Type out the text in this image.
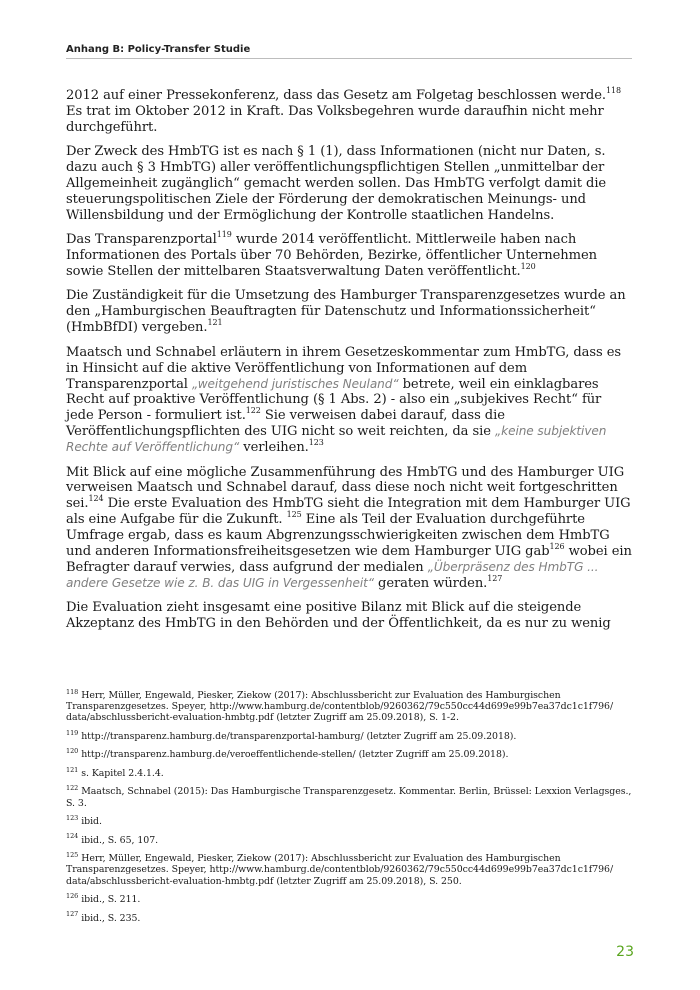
Anhang B: Policy-Transfer Studie

2012 auf einer Pressekonferenz, dass das Gesetz am Folgetag beschlossen werde.$^{118}$ Es trat im Oktober 2012 in Kraft. Das Volksbegehren wurde daraufhin nicht mehr durchgeführt.

Der Zweck des HmbTG ist es nach § 1 (1), dass Informationen (nicht nur Daten, s. dazu auch § 3 HmbTG) aller veröffentlichungspflichtigen Stellen „unmittelbar der Allgemeinheit zugänglich“ gemacht werden sollen. Das HmbTG verfolgt damit die steuerungspolitischen Ziele der Förderung der demokratischen Meinungs- und Willensbildung und der Ermöglichung der Kontrolle staatlichen Handelns.

Das Transparenzportal$^{119}$ wurde 2014 veröffentlicht. Mittlerweile haben nach Informationen des Portals über 70 Behörden, Bezirke, öffentlicher Unternehmen sowie Stellen der mittelbaren Staatsverwaltung Daten veröffentlicht.$^{120}$

Die Zuständigkeit für die Umsetzung des Hamburger Transparenzgesetzes wurde an den „Hamburgischen Beauftragten für Datenschutz und Informationssicherheit“ (HmbBfDI) vergeben.$^{121}$

Maatsch und Schnabel erläutern in ihrem Gesetzeskommentar zum HmbTG, dass es in Hinsicht auf die aktive Veröffentlichung von Informationen auf dem Transparenzportal „weitgehend juristisches Neuland“ betrete, weil ein einklagbares Recht auf proaktive Veröffentlichung (§ 1 Abs. 2) - also ein „subjekives Recht“ für jede Person - formuliert ist.$^{122}$ Sie verweisen dabei darauf, dass die Veröffentlichungspflichten des UIG nicht so weit reichten, da sie „keine subjektiven Rechte auf Veröffentlichung“ verleihen.$^{123}$

Mit Blick auf eine mögliche Zusammenführung des HmbTG und des Hamburger UIG verweisen Maatsch und Schnabel darauf, dass diese noch nicht weit fortgeschritten sei.$^{124}$ Die erste Evaluation des HmbTG sieht die Integration mit dem Hamburger UIG als eine Aufgabe für die Zukunft. $^{125}$ Eine als Teil der Evaluation durchgeführte Umfrage ergab, dass es kaum Abgrenzungsschwierigkeiten zwischen dem HmbTG und anderen Informationsfreiheitsgesetzen wie dem Hamburger UIG gab$^{126}$ wobei ein Befragter darauf verwies, dass aufgrund der medialen „Überpräsenz des HmbTG ... andere Gesetze wie z. B. das UIG in Vergessenheit“ geraten würden.$^{127}$

Die Evaluation zieht insgesamt eine positive Bilanz mit Blick auf die steigende Akzeptanz des HmbTG in den Behörden und der Öffentlichkeit, da es nur zu wenig

$^{118}$ Herr, Müller, Engewald, Piesker, Ziekow (2017): Abschlussbericht zur Evaluation des Hamburgischen Transparenzgesetzes. Speyer, http://www.hamburg.de/contentblob/9260362/79c550cc44d699e99b7ea37dc1c1f796/ data/abschlussbericht-evaluation-hmbtg.pdf (letzter Zugriff am 25.09.2018), S. 1-2.
$^{119}$ http://transparenz.hamburg.de/transparenzportal-hamburg/ (letzter Zugriff am 25.09.2018).
$^{120}$ http://transparenz.hamburg.de/veroeffentlichende-stellen/ (letzter Zugriff am 25.09.2018).
$^{121}$ s. Kapitel 2.4.1.4.
$^{122}$ Maatsch, Schnabel (2015): Das Hamburgische Transparenzgesetz. Kommentar. Berlin, Brüssel: Lexxion Verlagsges., S. 3.
$^{123}$ ibid.
$^{124}$ ibid., S. 65, 107.
$^{125}$ Herr, Müller, Engewald, Piesker, Ziekow (2017): Abschlussbericht zur Evaluation des Hamburgischen Transparenzgesetzes. Speyer, http://www.hamburg.de/contentblob/9260362/79c550cc44d699e99b7ea37dc1c1f796/ data/abschlussbericht-evaluation-hmbtg.pdf (letzter Zugriff am 25.09.2018), S. 250.
$^{126}$ ibid., S. 211.
$^{127}$ ibid., S. 235.
23
